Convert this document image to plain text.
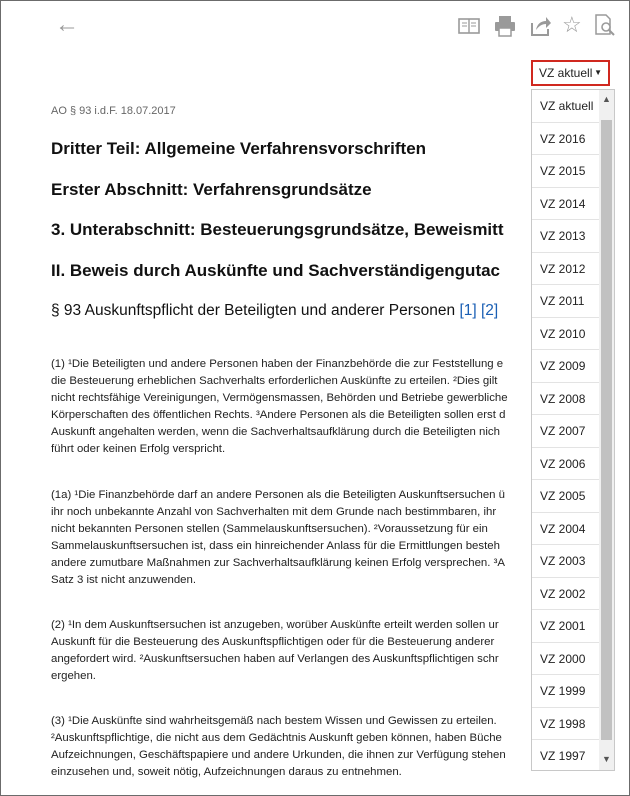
←	☆
VZ aktuell ▼
AO § 93 i.d.F. 18.07.2017
Dritter Teil: Allgemeine Verfahrensvorschriften
Erster Abschnitt: Verfahrensgrundsätze
3. Unterabschnitt: Besteuerungsgrundsätze, Beweismitt
II. Beweis durch Auskünfte und Sachverständigengutac
§ 93 Auskunftspflicht der Beteiligten und anderer Personen [1] [2]
(1) ¹Die Beteiligten und andere Personen haben der Finanzbehörde die zur Feststellung e
die Besteuerung erheblichen Sachverhalts erforderlichen Auskünfte zu erteilen. ²Dies gilt
nicht rechtsfähige Vereinigungen, Vermögensmassen, Behörden und Betriebe gewerbliche
Körperschaften des öffentlichen Rechts. ³Andere Personen als die Beteiligten sollen erst d
Auskunft angehalten werden, wenn die Sachverhaltsaufklärung durch die Beteiligten nich
führt oder keinen Erfolg verspricht.
(1a) ¹Die Finanzbehörde darf an andere Personen als die Beteiligten Auskunftsersuchen ü
ihr noch unbekannte Anzahl von Sachverhalten mit dem Grunde nach bestimmbaren, ihr
nicht bekannten Personen stellen (Sammelauskunftsersuchen). ²Voraussetzung für ein
Sammelauskunftsersuchen ist, dass ein hinreichender Anlass für die Ermittlungen besteh
andere zumutbare Maßnahmen zur Sachverhaltsaufklärung keinen Erfolg versprechen. ³A
Satz 3 ist nicht anzuwenden.
(2) ¹In dem Auskunftsersuchen ist anzugeben, worüber Auskünfte erteilt werden sollen ur
Auskunft für die Besteuerung des Auskunftspflichtigen oder für die Besteuerung anderer
angefordert wird. ²Auskunftsersuchen haben auf Verlangen des Auskunftspflichtigen schr
ergehen.
(3) ¹Die Auskünfte sind wahrheitsgemäß nach bestem Wissen und Gewissen zu erteilen.
²Auskunftspflichtige, die nicht aus dem Gedächtnis Auskunft geben können, haben Büche
Aufzeichnungen, Geschäftspapiere und andere Urkunden, die ihnen zur Verfügung stehen
einzusehen und, soweit nötig, Aufzeichnungen daraus zu entnehmen.
VZ aktuell
VZ 2016
VZ 2015
VZ 2014
VZ 2013
VZ 2012
VZ 2011
VZ 2010
VZ 2009
VZ 2008
VZ 2007
VZ 2006
VZ 2005
VZ 2004
VZ 2003
VZ 2002
VZ 2001
VZ 2000
VZ 1999
VZ 1998
VZ 1997
▲
▼
